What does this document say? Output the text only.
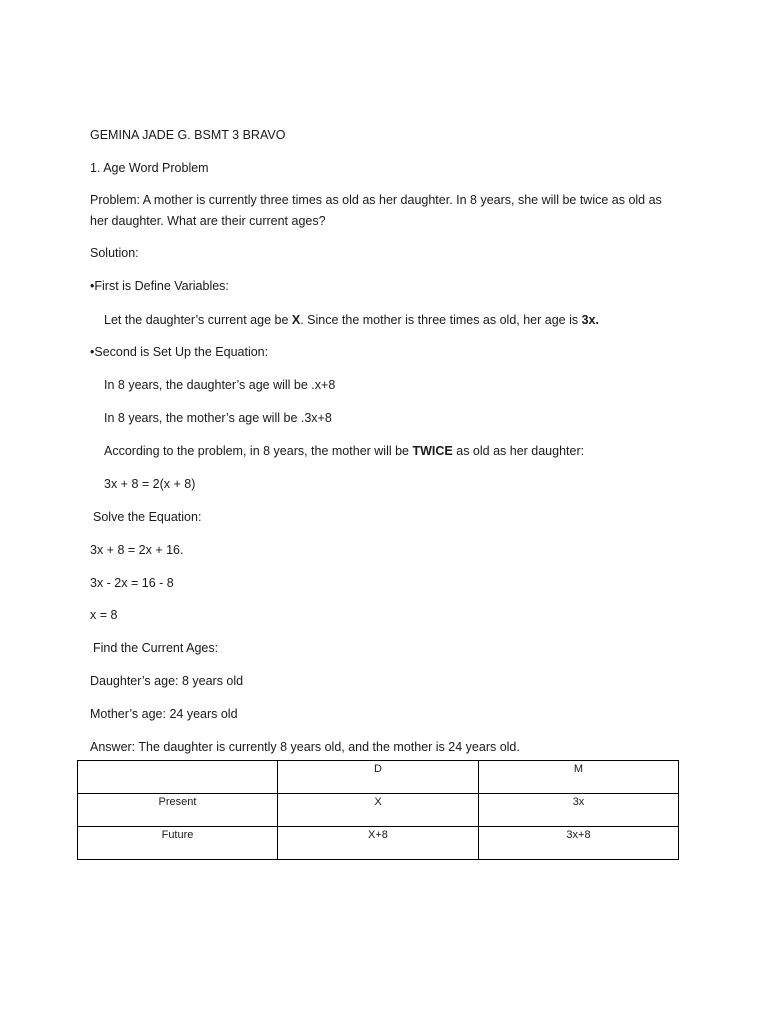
GEMINA JADE G. BSMT 3 BRAVO
1. Age Word Problem
Problem: A mother is currently three times as old as her daughter. In 8 years, she will be twice as old as her daughter. What are their current ages?
Solution:
•First is Define Variables:
Let the daughter’s current age be X. Since the mother is three times as old, her age is 3x.
•Second is Set Up the Equation:
In 8 years, the daughter’s age will be .x+8
In 8 years, the mother’s age will be .3x+8
According to the problem, in 8 years, the mother will be TWICE as old as her daughter:
3x + 8 = 2(x + 8)
Solve the Equation:
3x + 8 = 2x + 16.
3x - 2x = 16 - 8
x = 8
Find the Current Ages:
Daughter’s age: 8 years old
Mother’s age: 24 years old
Answer: The daughter is currently 8 years old, and the mother is 24 years old.
	D	M
Present	X	3x
Future	X+8	3x+8
